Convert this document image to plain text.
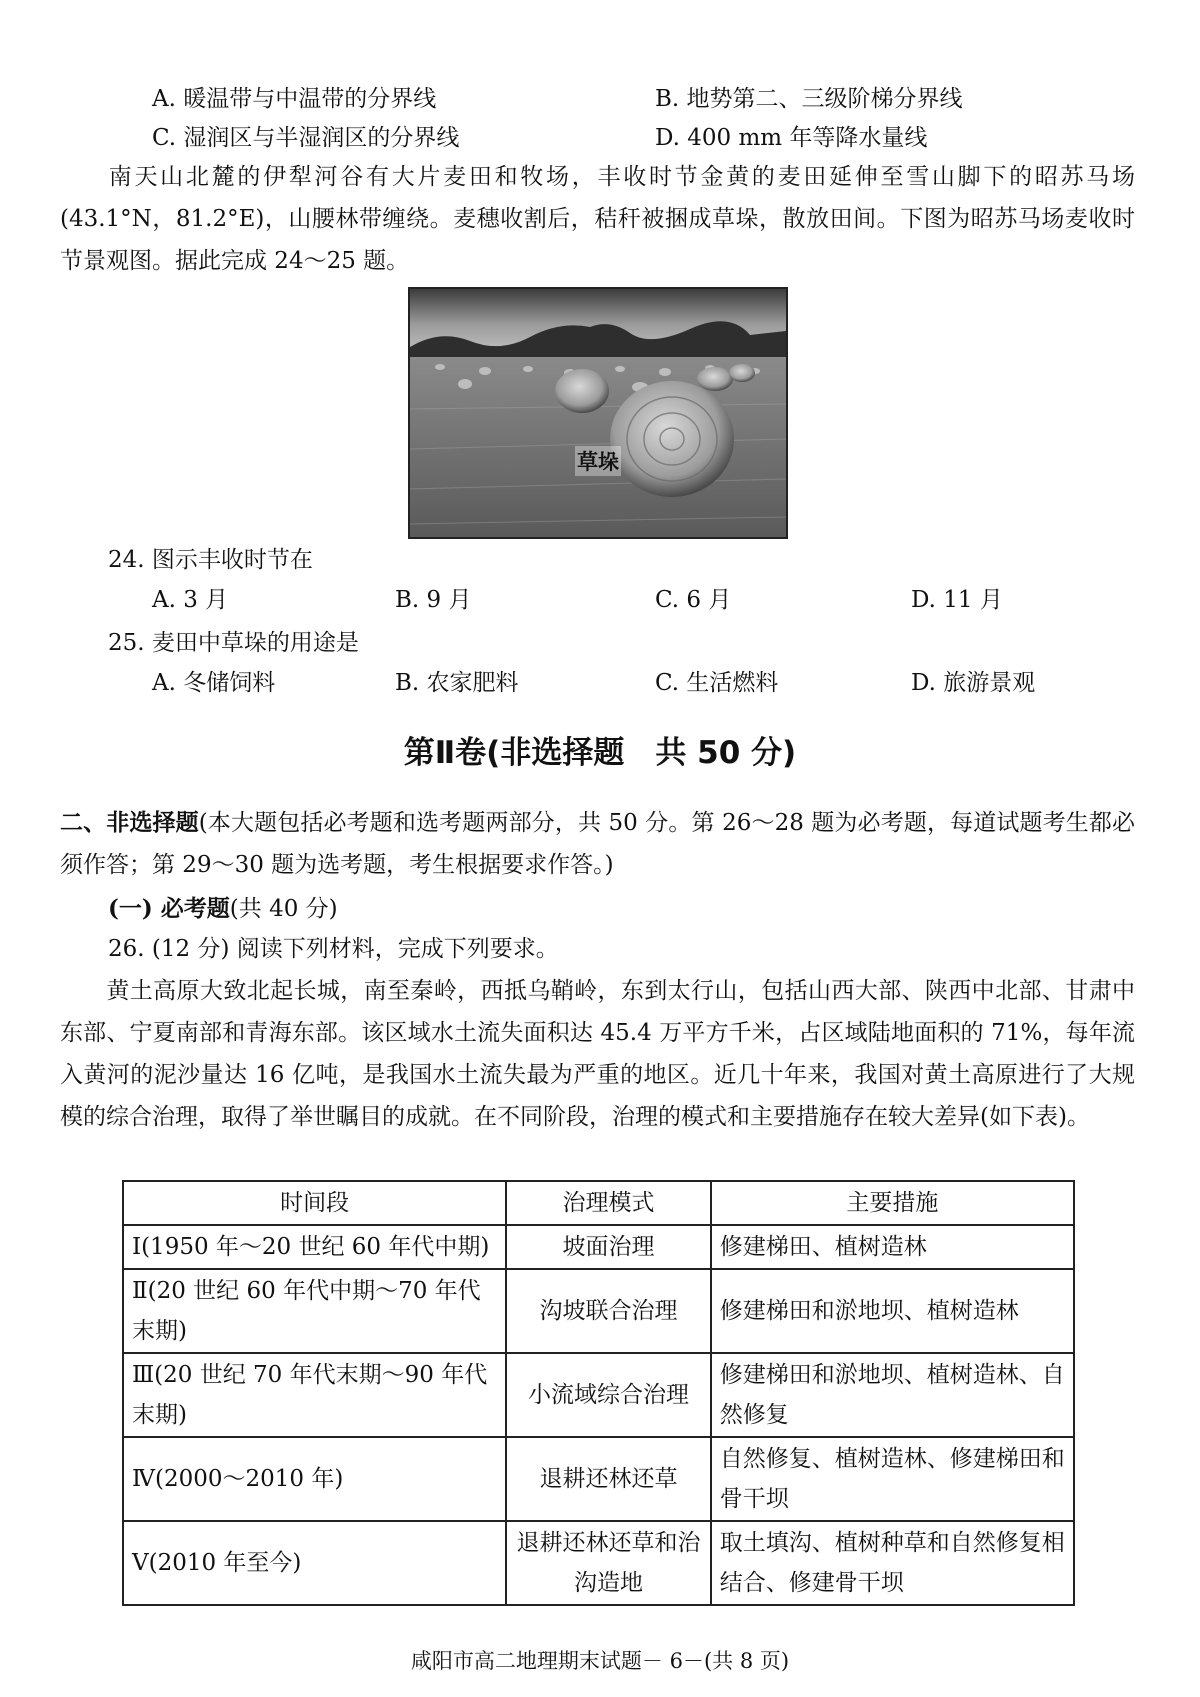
A. 暖温带与中温带的分界线	B. 地势第二、三级阶梯分界线
C. 湿润区与半湿润区的分界线	D. 400 mm 年等降水量线
南天山北麓的伊犁河谷有大片麦田和牧场，丰收时节金黄的麦田延伸至雪山脚下的昭苏马场(43.1°N，81.2°E)，山腰林带缠绕。麦穗收割后，秸秆被捆成草垛，散放田间。下图为昭苏马场麦收时节景观图。据此完成 24～25 题。
草垛
24. 图示丰收时节在
A. 3 月	B. 9 月	C. 6 月	D. 11 月
25. 麦田中草垛的用途是
A. 冬储饲料	B. 农家肥料	C. 生活燃料	D. 旅游景观
第Ⅱ卷(非选择题　共 50 分)
二、非选择题(本大题包括必考题和选考题两部分，共 50 分。第 26～28 题为必考题，每道试题考生都必须作答；第 29～30 题为选考题，考生根据要求作答。)
(一) 必考题(共 40 分)
26. (12 分) 阅读下列材料，完成下列要求。
黄土高原大致北起长城，南至秦岭，西抵乌鞘岭，东到太行山，包括山西大部、陕西中北部、甘肃中东部、宁夏南部和青海东部。该区域水土流失面积达 45.4 万平方千米，占区域陆地面积的 71%，每年流入黄河的泥沙量达 16 亿吨，是我国水土流失最为严重的地区。近几十年来，我国对黄土高原进行了大规模的综合治理，取得了举世瞩目的成就。在不同阶段，治理的模式和主要措施存在较大差异(如下表)。
时间段	治理模式	主要措施
Ⅰ(1950 年～20 世纪 60 年代中期)	坡面治理	修建梯田、植树造林
Ⅱ(20 世纪 60 年代中期～70 年代末期)	沟坡联合治理	修建梯田和淤地坝、植树造林
Ⅲ(20 世纪 70 年代末期～90 年代末期)	小流域综合治理	修建梯田和淤地坝、植树造林、自然修复
Ⅳ(2000～2010 年)	退耕还林还草	自然修复、植树造林、修建梯田和骨干坝
Ⅴ(2010 年至今)	退耕还林还草和治沟造地	取土填沟、植树种草和自然修复相结合、修建骨干坝
咸阳市高二地理期末试题－ 6－(共 8 页)
